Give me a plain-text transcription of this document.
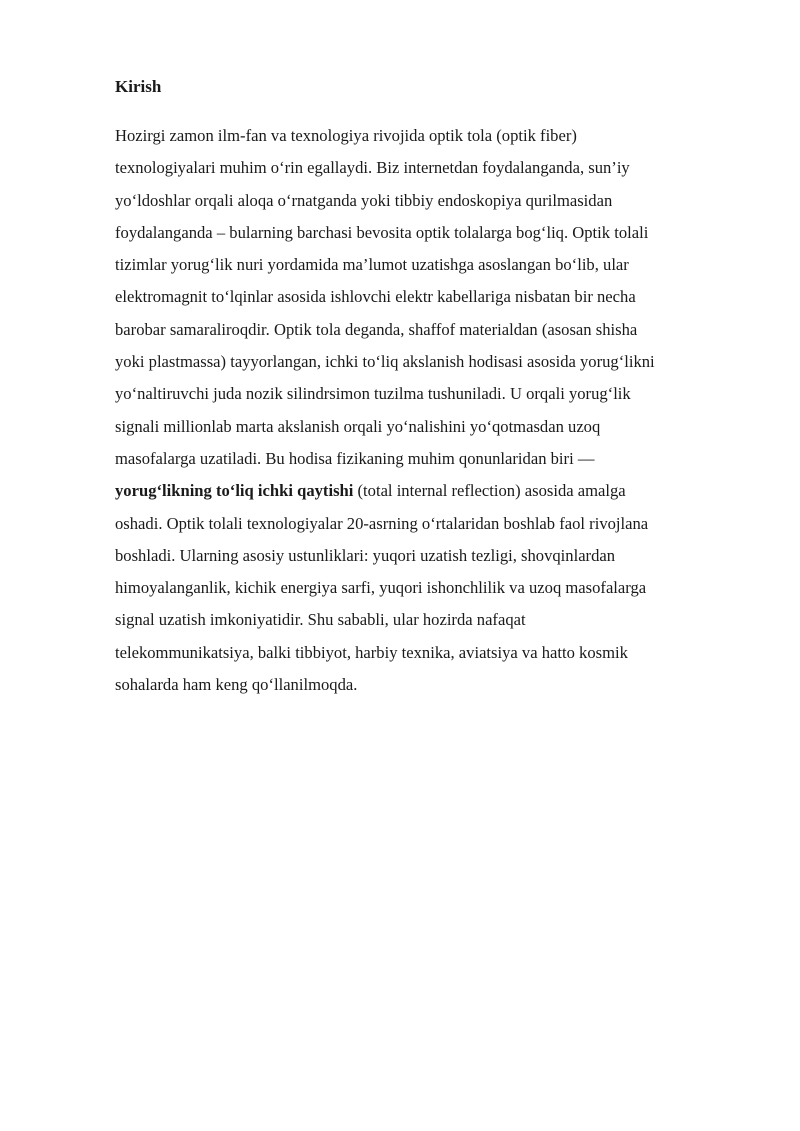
Kirish

Hozirgi zamon ilm-fan va texnologiya rivojida optik tola (optik fiber)
texnologiyalari muhim o‘rin egallaydi. Biz internetdan foydalanganda, sun’iy
yo‘ldoshlar orqali aloqa o‘rnatganda yoki tibbiy endoskopiya qurilmasidan
foydalanganda – bularning barchasi bevosita optik tolalarga bog‘liq. Optik tolali
tizimlar yorug‘lik nuri yordamida ma’lumot uzatishga asoslangan bo‘lib, ular
elektromagnit to‘lqinlar asosida ishlovchi elektr kabellariga nisbatan bir necha
barobar samaraliroqdir. Optik tola deganda, shaffof materialdan (asosan shisha
yoki plastmassa) tayyorlangan, ichki to‘liq akslanish hodisasi asosida yorug‘likni
yo‘naltiruvchi juda nozik silindrsimon tuzilma tushuniladi. U orqali yorug‘lik
signali millionlab marta akslanish orqali yo‘nalishini yo‘qotmasdan uzoq
masofalarga uzatiladi. Bu hodisa fizikaning muhim qonunlaridan biri —
yorug‘likning to‘liq ichki qaytishi (total internal reflection) asosida amalga
oshadi. Optik tolali texnologiyalar 20-asrning o‘rtalaridan boshlab faol rivojlana
boshladi. Ularning asosiy ustunliklari: yuqori uzatish tezligi, shovqinlardan
himoyalanganlik, kichik energiya sarfi, yuqori ishonchlilik va uzoq masofalarga
signal uzatish imkoniyatidir. Shu sababli, ular hozirda nafaqat
telekommunikatsiya, balki tibbiyot, harbiy texnika, aviatsiya va hatto kosmik
sohalarda ham keng qo‘llanilmoqda.
